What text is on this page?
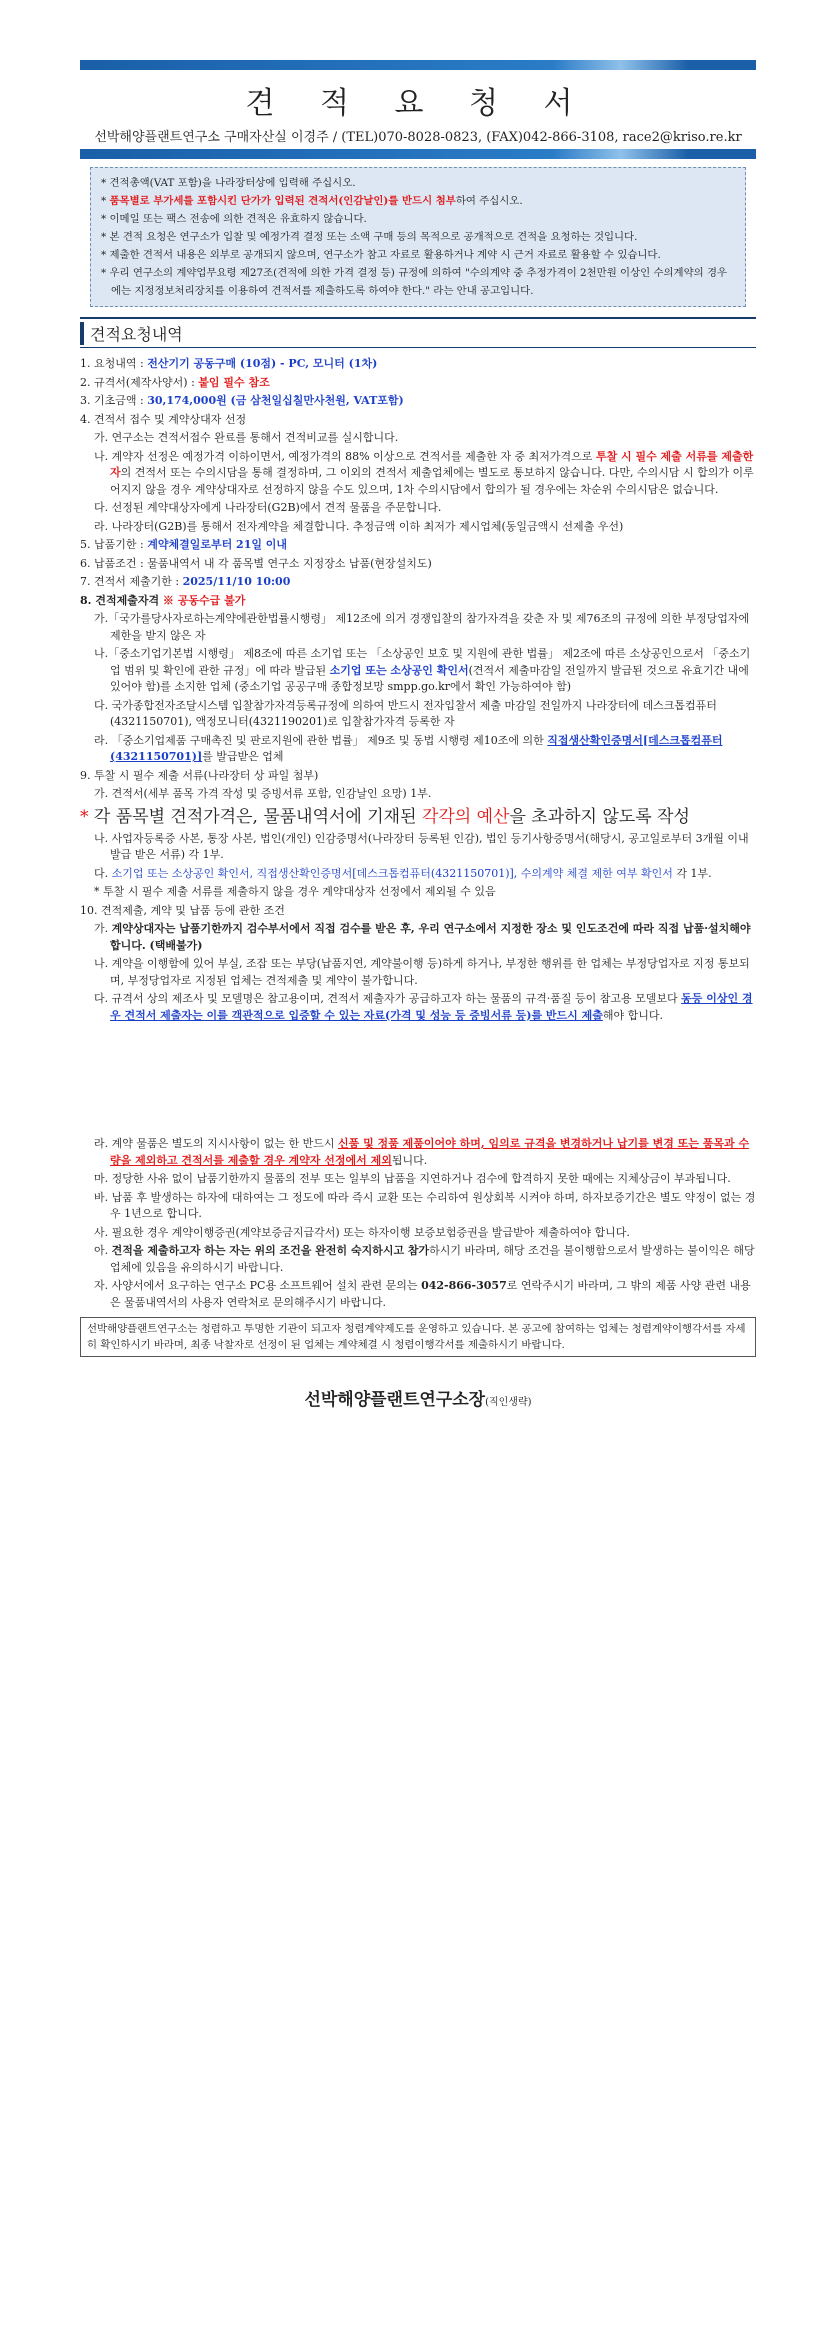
견 적 요 청 서
선박해양플랜트연구소 구매자산실 이경주 / (TEL)070-8028-0823, (FAX)042-866-3108, race2@kriso.re.kr
* 견적총액(VAT 포함)을 나라장터상에 입력해 주십시오.
* 품목별로 부가세를 포함시킨 단가가 입력된 견적서(인감날인)를 반드시 첨부하여 주십시오.
* 이메일 또는 팩스 전송에 의한 견적은 유효하지 않습니다.
* 본 견적 요청은 연구소가 입찰 및 예정가격 결정 또는 소액 구매 등의 목적으로 공개적으로 견적을 요청하는 것입니다.
* 제출한 견적서 내용은 외부로 공개되지 않으며, 연구소가 참고 자료로 활용하거나 계약 시 근거 자료로 활용할 수 있습니다.
* 우리 연구소의 계약업무요령 제27조(견적에 의한 가격 결정 등) 규정에 의하여 "수의계약 중 추정가격이 2천만원 이상인 수의계약의 경우에는 지정정보처리장치를 이용하여 견적서를 제출하도록 하여야 한다." 라는 안내 공고입니다.
견적요청내역
1. 요청내역 : 전산기기 공동구매 (10점) - PC, 모니터 (1차)
2. 규격서(제작사양서) : 붙임 필수 참조
3. 기초금액 : 30,174,000원 (금 삼천일십칠만사천원, VAT포함)
4. 견적서 접수 및 계약상대자 선정
가. 연구소는 견적서접수 완료를 통해서 견적비교를 실시합니다.
나. 계약자 선정은 예정가격 이하이면서, 예정가격의 88% 이상으로 견적서를 제출한 자 중 최저가격으로 투찰 시 필수 제출 서류를 제출한 자의 견적서 또는 수의시담을 통해 결정하며, 그 이외의 견적서 제출업체에는 별도로 통보하지 않습니다. 다만, 수의시담 시 합의가 이루어지지 않을 경우 계약상대자로 선정하지 않을 수도 있으며, 1차 수의시담에서 합의가 될 경우에는 차순위 수의시담은 없습니다.
다. 선정된 계약대상자에게 나라장터(G2B)에서 견적 물품을 주문합니다.
라. 나라장터(G2B)를 통해서 전자계약을 체결합니다. 추정금액 이하 최저가 제시업체(동일금액시 선제출 우선)
5. 납품기한 : 계약체결일로부터 21일 이내
6. 납품조건 : 물품내역서 내 각 품목별 연구소 지정장소 납품(현장설치도)
7. 견적서 제출기한 : 2025/11/10 10:00
8. 견적제출자격 ※ 공동수급 불가
가.「국가를당사자로하는계약에관한법률시행령」 제12조에 의거 경쟁입찰의 참가자격을 갖춘 자 및 제76조의 규정에 의한 부정당업자에 제한을 받지 않은 자
나.「중소기업기본법 시행령」 제8조에 따른 소기업 또는 「소상공인 보호 및 지원에 관한 법률」 제2조에 따른 소상공인으로서 「중소기업 범위 및 확인에 관한 규정」에 따라 발급된 소기업 또는 소상공인 확인서(견적서 제출마감일 전일까지 발급된 것으로 유효기간 내에 있어야 함)를 소지한 업체 (중소기업 공공구매 종합정보망 smpp.go.kr에서 확인 가능하여야 함)
다. 국가종합전자조달시스템 입찰참가자격등록규정에 의하여 반드시 전자입찰서 제출 마감일 전일까지 나라장터에 데스크톱컴퓨터(4321150701), 액정모니터(4321190201)로 입찰참가자격 등록한 자
라. 「중소기업제품 구매촉진 및 판로지원에 관한 법률」 제9조 및 동법 시행령 제10조에 의한 직접생산확인증명서[데스크톱컴퓨터(4321150701)]를 발급받은 업체
9. 투찰 시 필수 제출 서류(나라장터 상 파일 첨부)
가. 견적서(세부 품목 가격 작성 및 증빙서류 포함, 인감날인 요망) 1부.
* 각 품목별 견적가격은, 물품내역서에 기재된 각각의 예산을 초과하지 않도록 작성
나. 사업자등록증 사본, 통장 사본, 법인(개인) 인감증명서(나라장터 등록된 인감), 법인 등기사항증명서(해당시, 공고일로부터 3개월 이내 발급 받은 서류) 각 1부.
다. 소기업 또는 소상공인 확인서, 직접생산확인증명서[데스크톱컴퓨터(4321150701)], 수의계약 체결 제한 여부 확인서 각 1부.
* 투찰 시 필수 제출 서류를 제출하지 않을 경우 계약대상자 선정에서 제외될 수 있음
10. 견적제출, 계약 및 납품 등에 관한 조건
가. 계약상대자는 납품기한까지 검수부서에서 직접 검수를 받은 후, 우리 연구소에서 지정한 장소 및 인도조건에 따라 직접 납품·설치해야 합니다. (택배불가)
나. 계약을 이행함에 있어 부실, 조잡 또는 부당(납품지연, 계약불이행 등)하게 하거나, 부정한 행위를 한 업체는 부정당업자로 지정 통보되며, 부정당업자로 지정된 업체는 견적제출 및 계약이 불가합니다.
다. 규격서 상의 제조사 및 모델명은 참고용이며, 견적서 제출자가 공급하고자 하는 물품의 규격·품질 등이 참고용 모델보다 동등 이상인 경우 견적서 제출자는 이를 객관적으로 입증할 수 있는 자료(가격 및 성능 등 증빙서류 등)를 반드시 제출해야 합니다.
라. 계약 물품은 별도의 지시사항이 없는 한 반드시 신품 및 정품 제품이어야 하며, 임의로 규격을 변경하거나 납기를 변경 또는 품목과 수량을 제외하고 견적서를 제출할 경우 계약자 선정에서 제외됩니다.
마. 정당한 사유 없이 납품기한까지 물품의 전부 또는 일부의 납품을 지연하거나 검수에 합격하지 못한 때에는 지체상금이 부과됩니다.
바. 납품 후 발생하는 하자에 대하여는 그 정도에 따라 즉시 교환 또는 수리하여 원상회복 시켜야 하며, 하자보증기간은 별도 약정이 없는 경우 1년으로 합니다.
사. 필요한 경우 계약이행증권(계약보증금지급각서) 또는 하자이행 보증보험증권을 발급받아 제출하여야 합니다.
아. 견적을 제출하고자 하는 자는 위의 조건을 완전히 숙지하시고 참가하시기 바라며, 해당 조건을 불이행함으로서 발생하는 불이익은 해당 업체에 있음을 유의하시기 바랍니다.
자. 사양서에서 요구하는 연구소 PC용 소프트웨어 설치 관련 문의는 042-866-3057로 연락주시기 바라며, 그 밖의 제품 사양 관련 내용은 물품내역서의 사용자 연락처로 문의해주시기 바랍니다.
선박해양플랜트연구소는 청렴하고 투명한 기관이 되고자 청렴계약제도를 운영하고 있습니다. 본 공고에 참여하는 업체는 청렴계약이행각서를 자세히 확인하시기 바라며, 최종 낙찰자로 선정이 된 업체는 계약체결 시 청렴이행각서를 제출하시기 바랍니다.
선박해양플랜트연구소장(직인생략)
